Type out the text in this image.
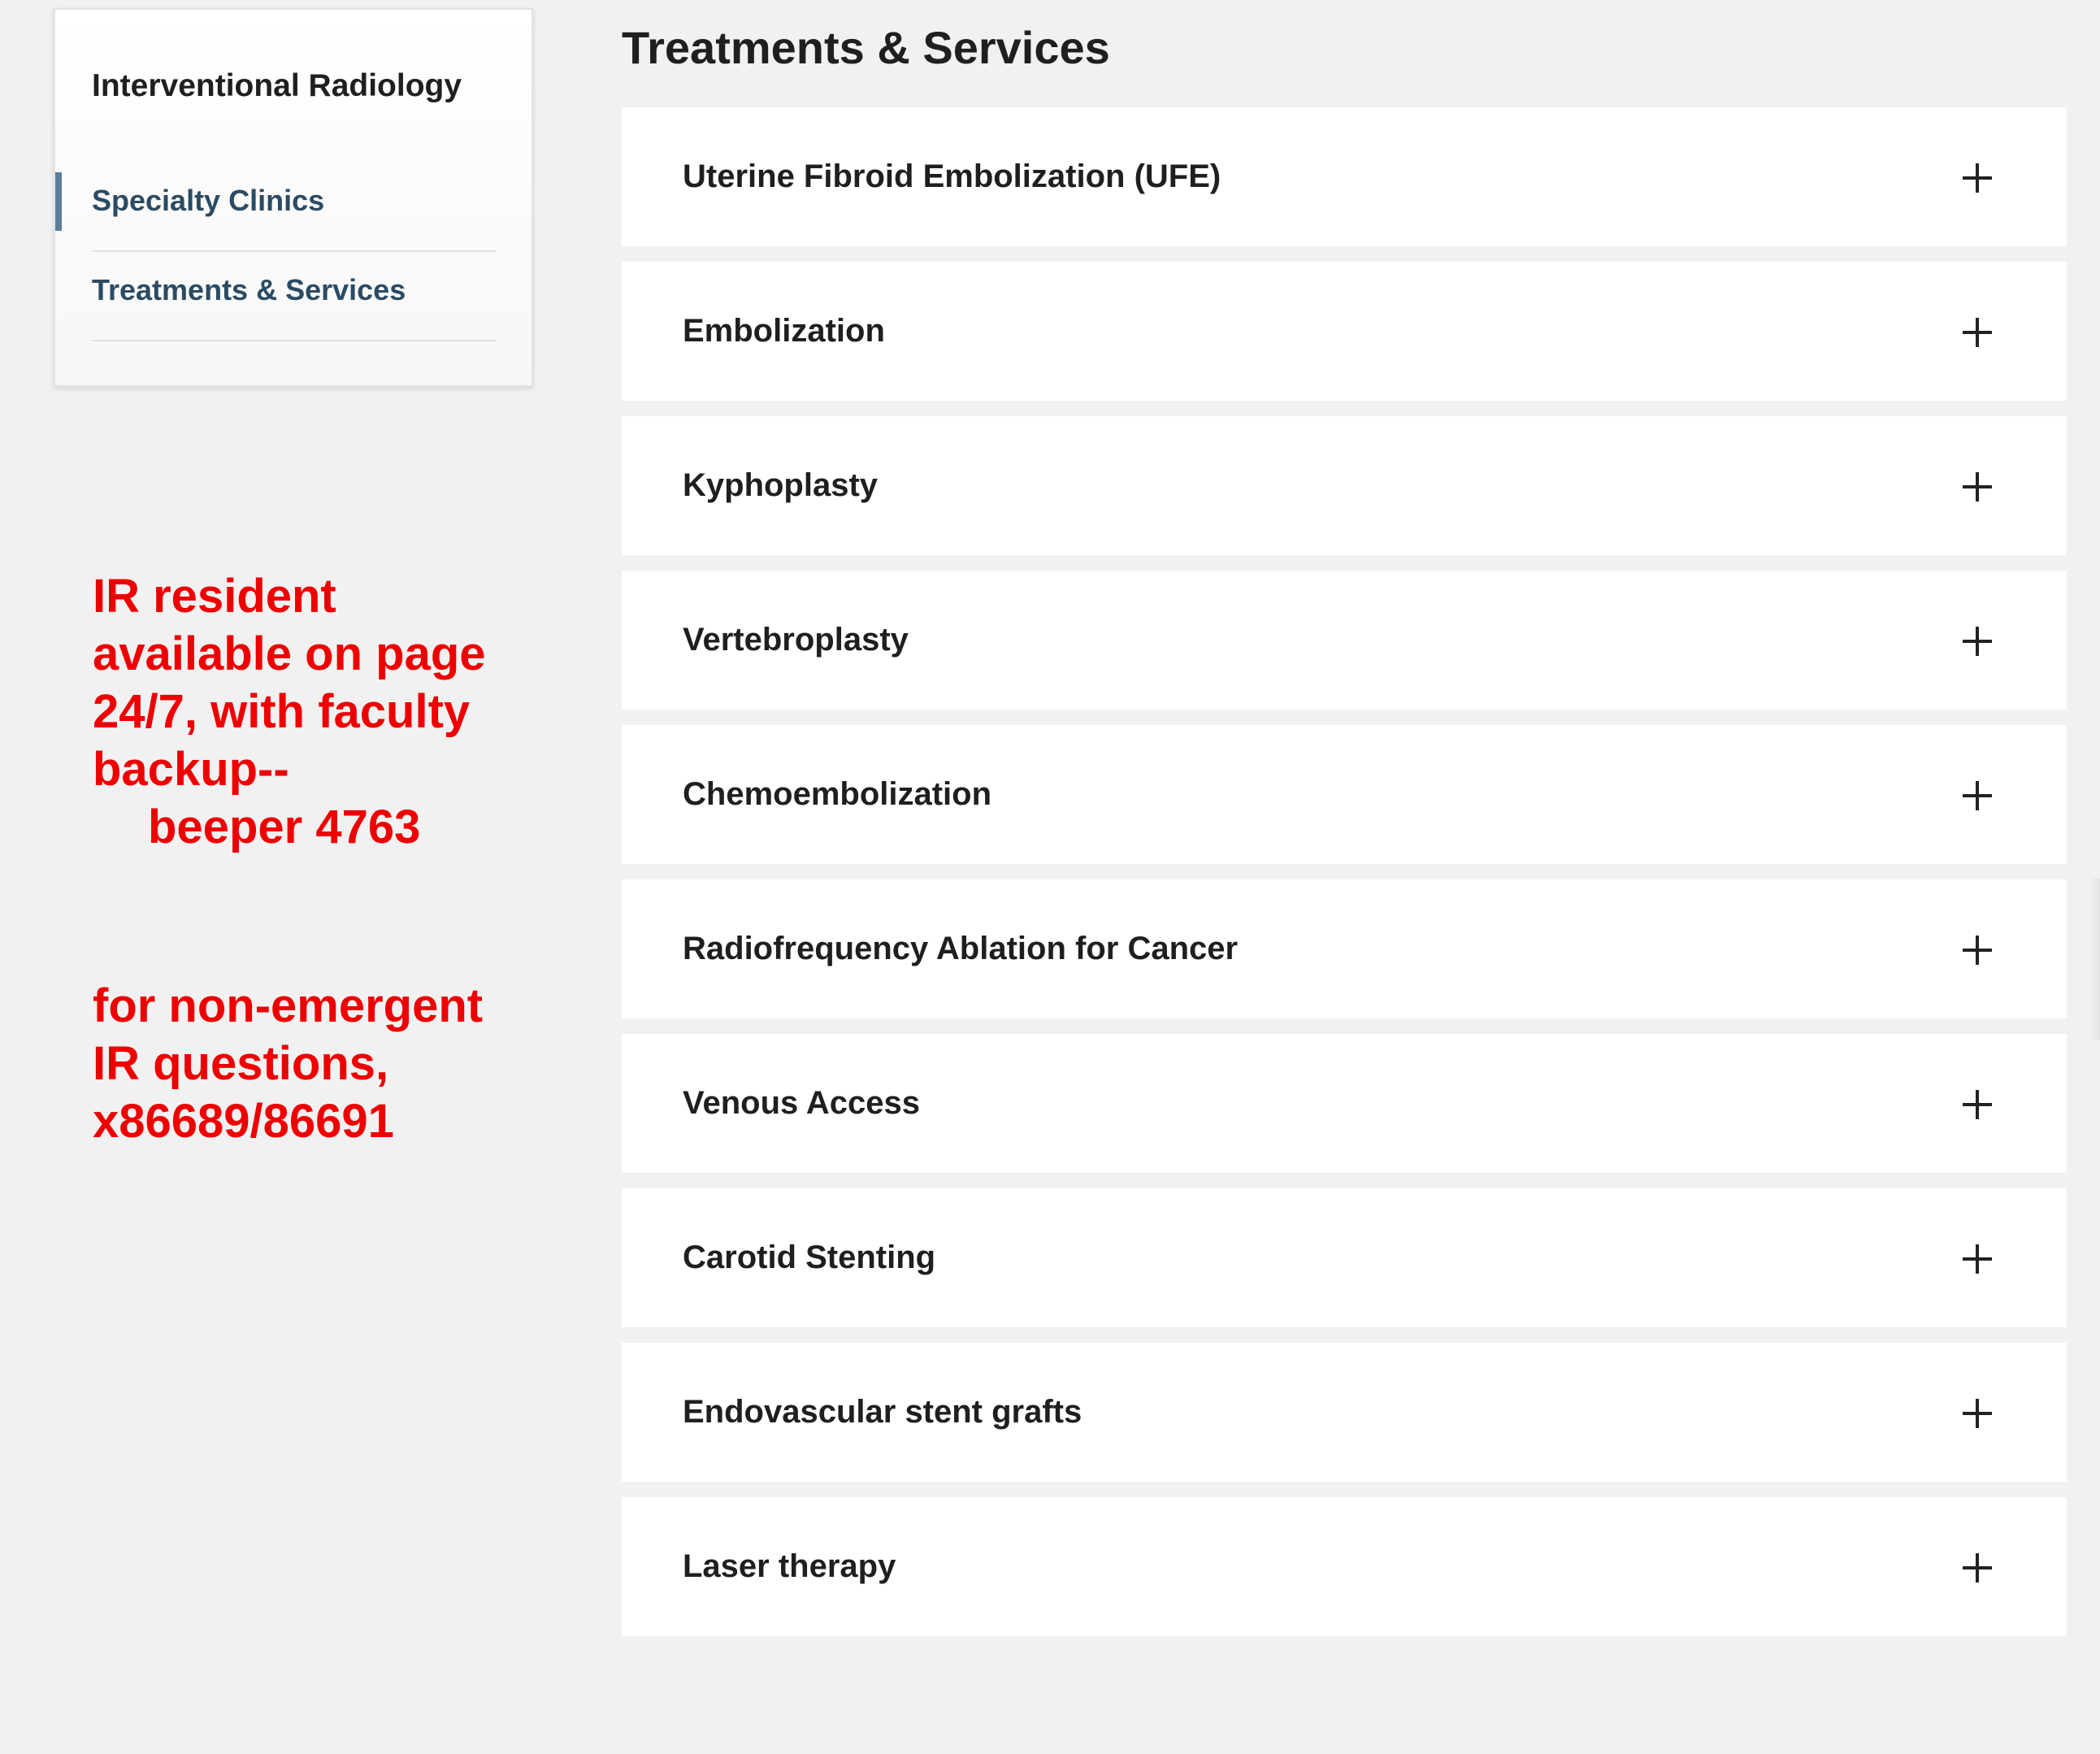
Interventional Radiology
Specialty Clinics
Treatments & Services
IR resident
available on page
24/7, with faculty
backup--
beeper 4763
for non-emergent
IR questions,
x86689/86691
Treatments & Services
Uterine Fibroid Embolization (UFE)
Embolization
Kyphoplasty
Vertebroplasty
Chemoembolization
Radiofrequency Ablation for Cancer
Venous Access
Carotid Stenting
Endovascular stent grafts
Laser therapy
